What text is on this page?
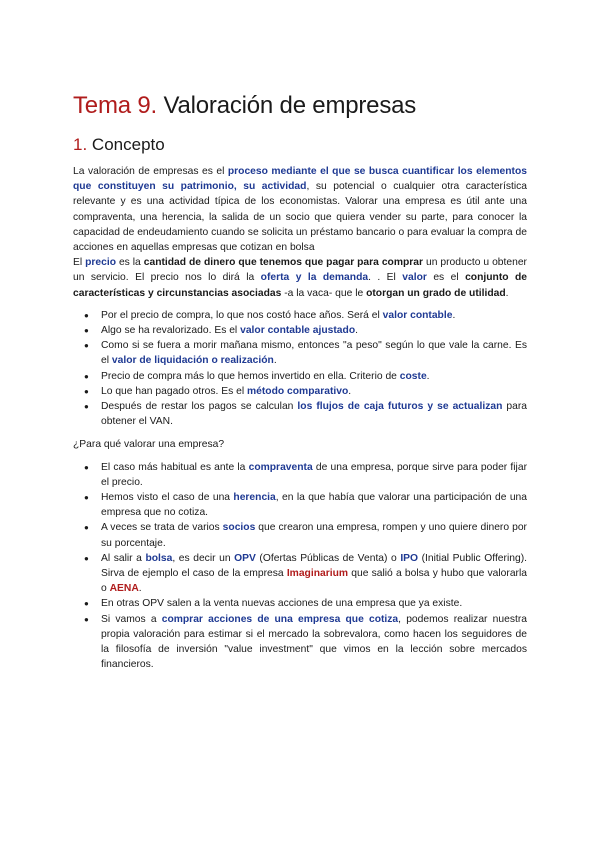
Tema 9. Valoración de empresas
1. Concepto

La valoración de empresas es el proceso mediante el que se busca cuantificar los elementos que constituyen su patrimonio, su actividad, su potencial o cualquier otra característica relevante y es una actividad típica de los economistas. Valorar una empresa es útil ante una compraventa, una herencia, la salida de un socio que quiera vender su parte, para conocer la capacidad de endeudamiento cuando se solicita un préstamo bancario o para evaluar la compra de acciones en aquellas empresas que cotizan en bolsa

El precio es la cantidad de dinero que tenemos que pagar para comprar un producto u obtener un servicio. El precio nos lo dirá la oferta y la demanda. . El valor es el conjunto de características y circunstancias asociadas -a la vaca- que le otorgan un grado de utilidad.

● Por el precio de compra, lo que nos costó hace años. Será el valor contable.
● Algo se ha revalorizado. Es el valor contable ajustado.
● Como si se fuera a morir mañana mismo, entonces "a peso" según lo que vale la carne. Es el valor de liquidación o realización.
● Precio de compra más lo que hemos invertido en ella. Criterio de coste.
● Lo que han pagado otros. Es el método comparativo.
● Después de restar los pagos se calculan los flujos de caja futuros y se actualizan para obtener el VAN.

¿Para qué valorar una empresa?

● El caso más habitual es ante la compraventa de una empresa, porque sirve para poder fijar el precio.
● Hemos visto el caso de una herencia, en la que había que valorar una participación de una empresa que no cotiza.
● A veces se trata de varios socios que crearon una empresa, rompen y uno quiere dinero por su porcentaje.
● Al salir a bolsa, es decir un OPV (Ofertas Públicas de Venta) o IPO (Initial Public Offering). Sirva de ejemplo el caso de la empresa Imaginarium que salió a bolsa y hubo que valorarla o AENA.
● En otras OPV salen a la venta nuevas acciones de una empresa que ya existe.
● Si vamos a comprar acciones de una empresa que cotiza, podemos realizar nuestra propia valoración para estimar si el mercado la sobrevalora, como hacen los seguidores de la filosofía de inversión "value investment" que vimos en la lección sobre mercados financieros.
